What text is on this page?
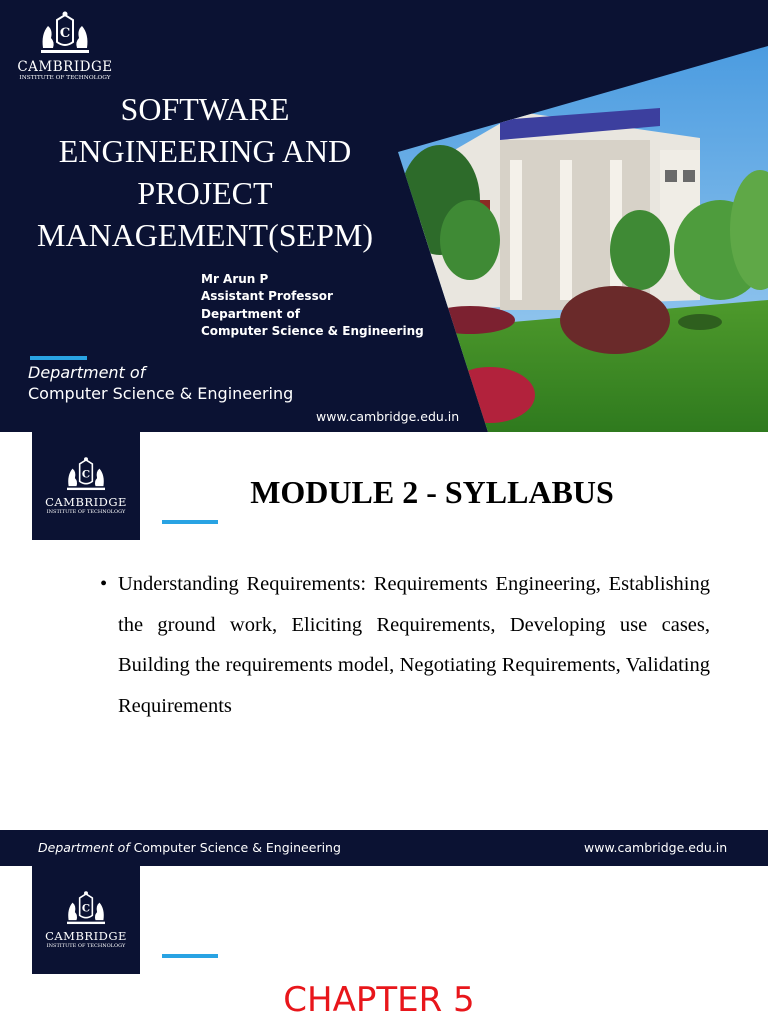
C
CAMBRIDGE
INSTITUTE OF TECHNOLOGY
SOFTWARE
ENGINEERING AND
PROJECT
MANAGEMENT(SEPM)
Mr Arun P
Assistant Professor
Department of
Computer Science & Engineering
Department of
Computer Science & Engineering
www.cambridge.edu.in
C
CAMBRIDGE
INSTITUTE OF TECHNOLOGY
MODULE 2 - SYLLABUS
• Understanding Requirements: Requirements Engineering, Establishing the ground work, Eliciting Requirements, Developing use cases, Building the requirements model, Negotiating Requirements, Validating Requirements
Department of Computer Science & Engineering	www.cambridge.edu.in
C
CAMBRIDGE
INSTITUTE OF TECHNOLOGY
CHAPTER 5
